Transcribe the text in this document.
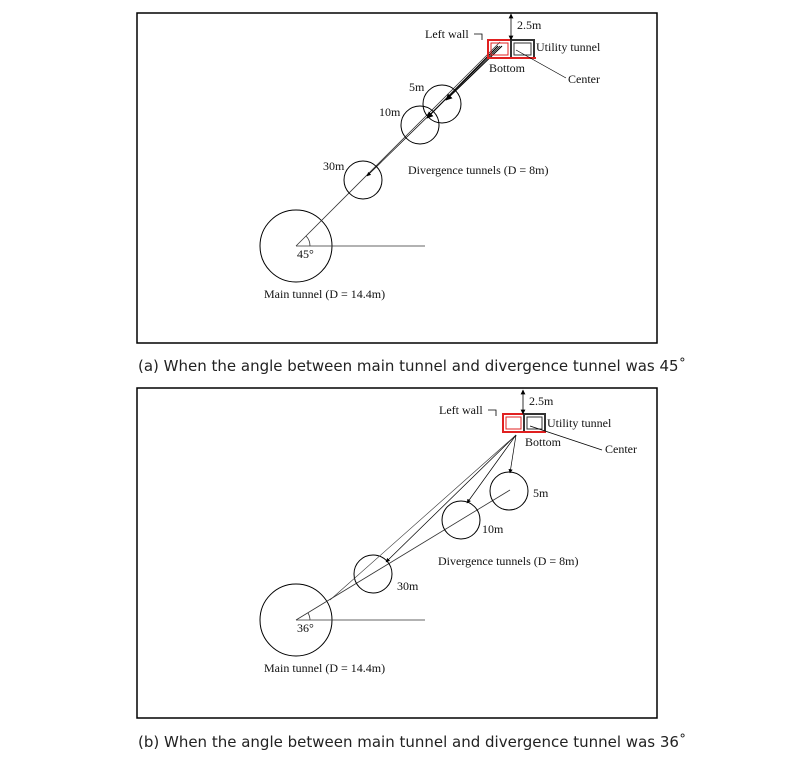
45°
2.5m
Left wall
Utility tunnel
Bottom
Center
5m
10m
30m	Divergence tunnels (D = 8m)
Main tunnel (D = 14.4m)
36°
2.5m
Left wall
Utility tunnel
Bottom	Center
5m
10m
30m
Divergence tunnels (D = 8m)
Main tunnel (D = 14.4m)

(a) When the angle between main tunnel and divergence tunnel was 45˚

(b) When the angle between main tunnel and divergence tunnel was 36˚
